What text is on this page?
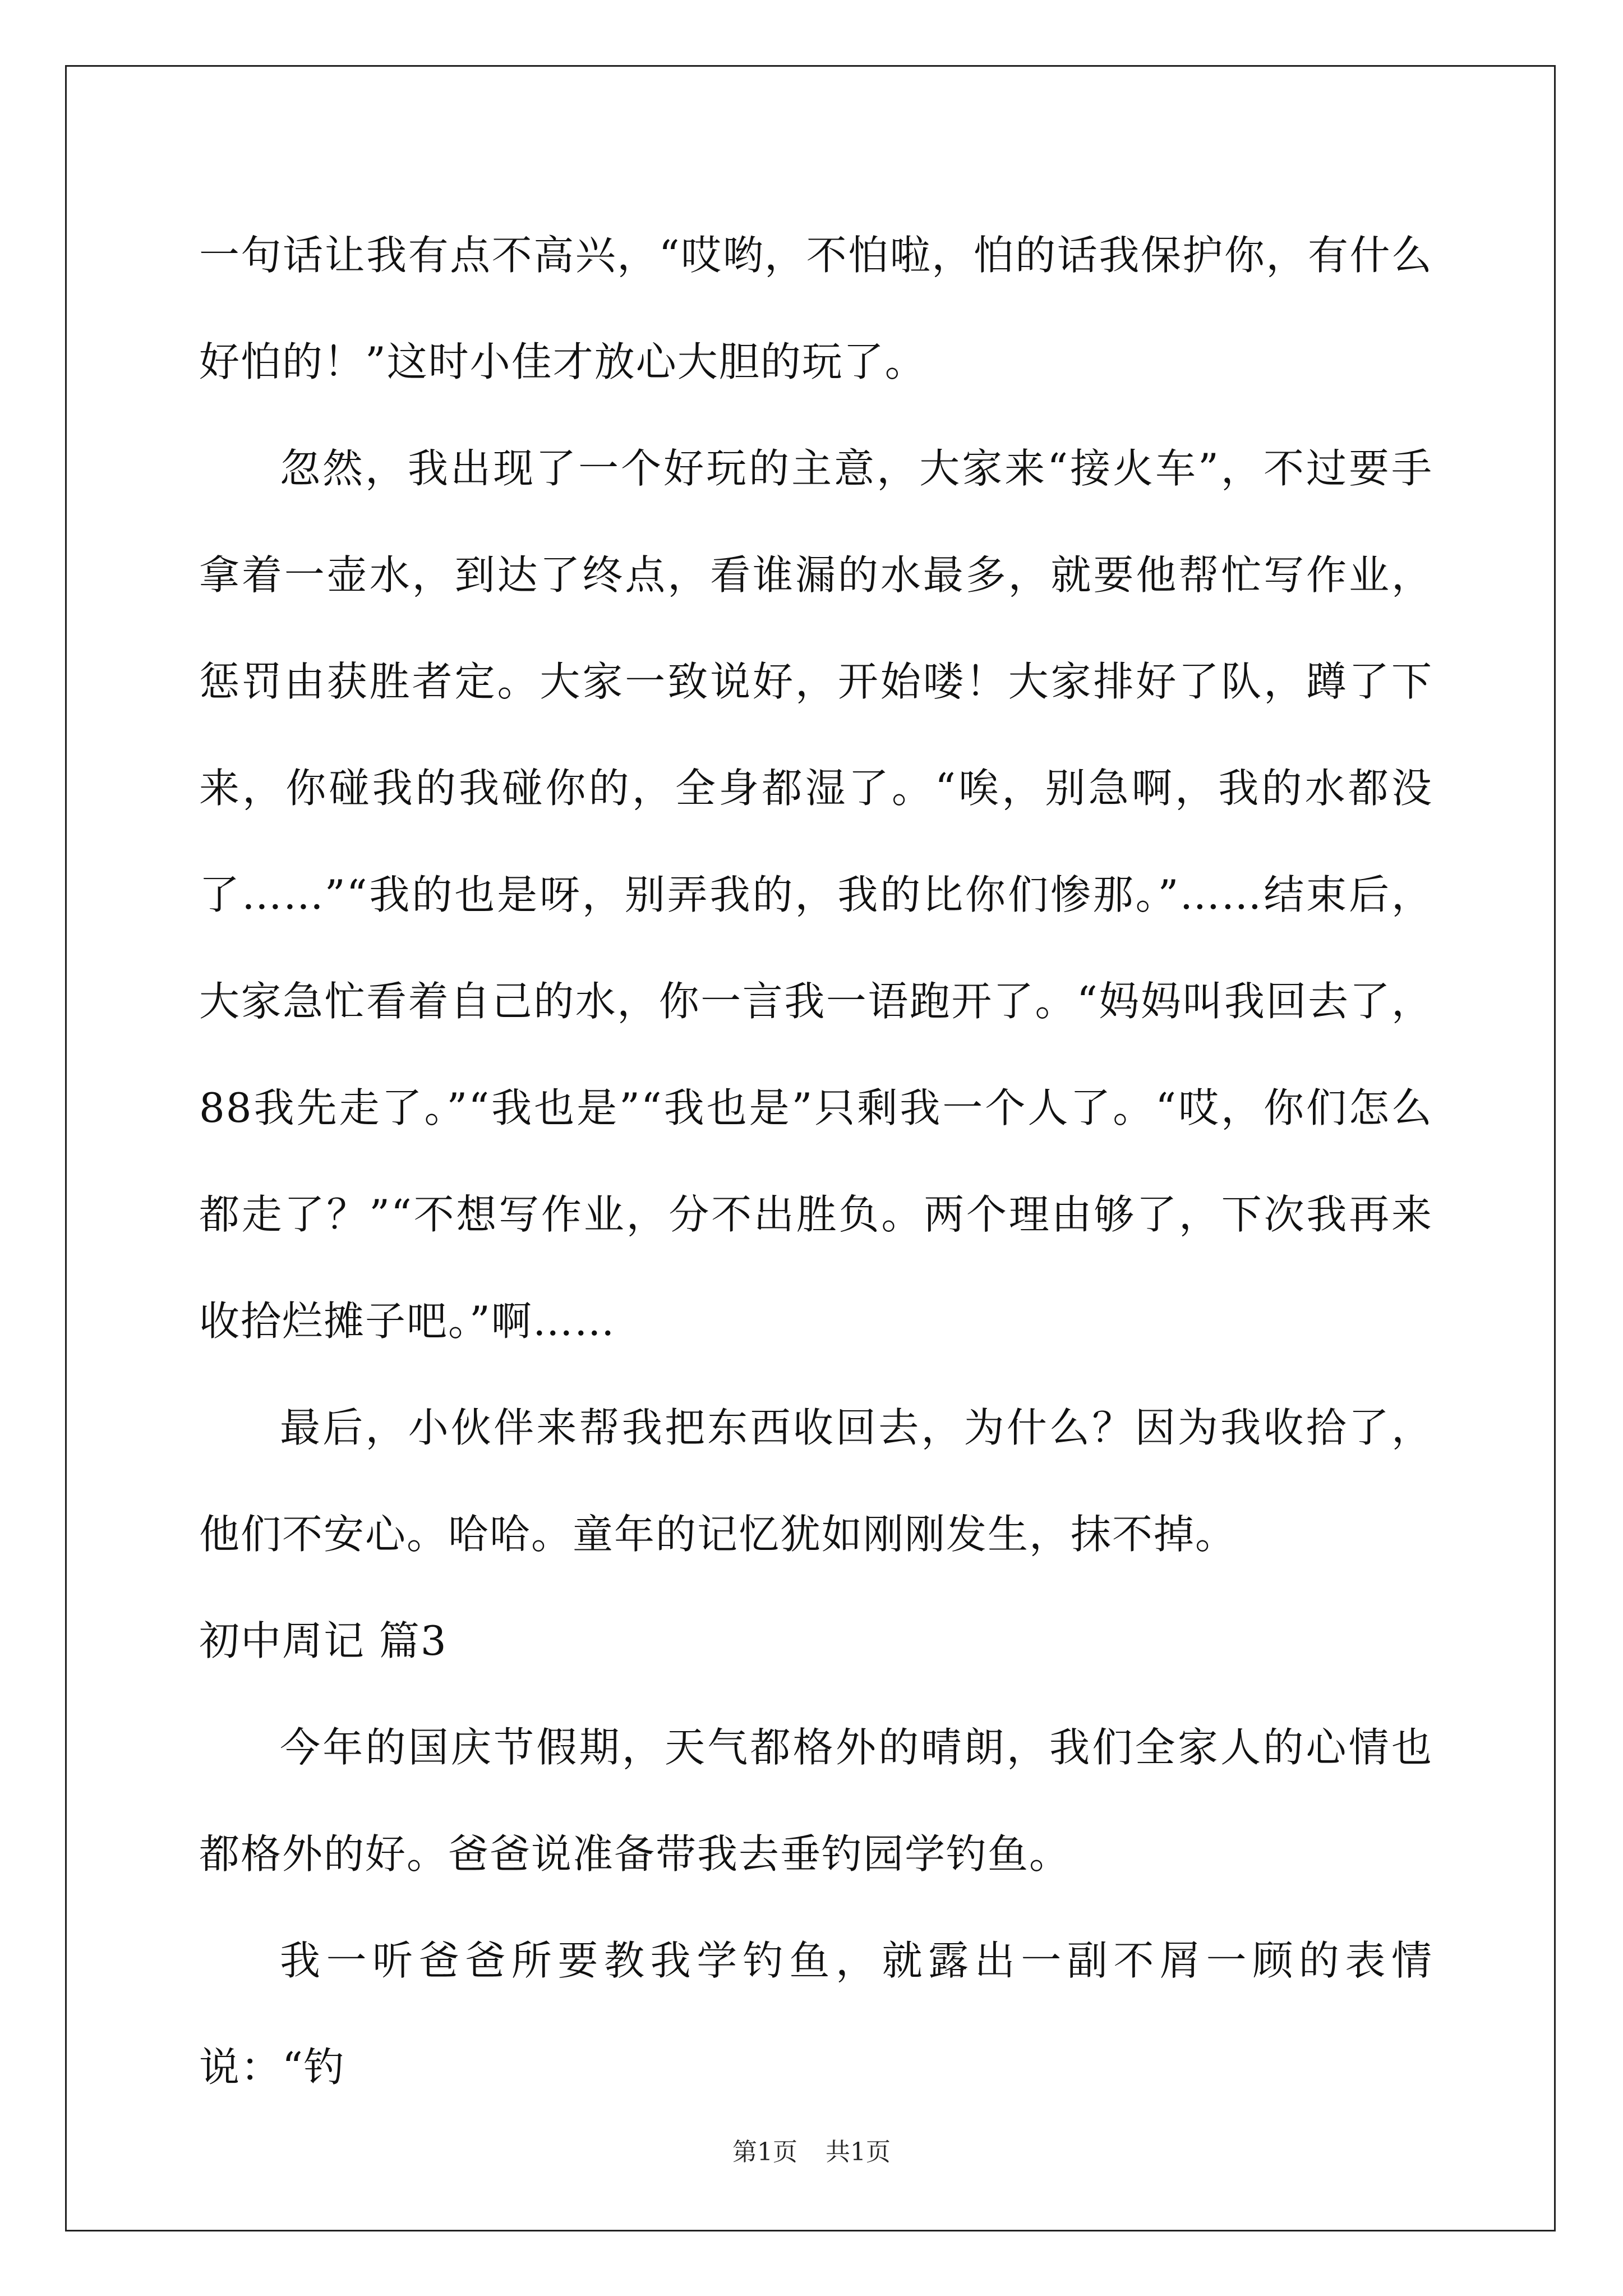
一句话让我有点不高兴，“哎哟，不怕啦，怕的话我保护你，有什么好怕的！”这时小佳才放心大胆的玩了。

忽然，我出现了一个好玩的主意，大家来“接火车”，不过要手拿着一壶水，到达了终点，看谁漏的水最多，就要他帮忙写作业，惩罚由获胜者定。大家一致说好，开始喽！大家排好了队，蹲了下来，你碰我的我碰你的，全身都湿了。“唉，别急啊，我的水都没了……”“我的也是呀，别弄我的，我的比你们惨那。”……结束后，大家急忙看着自己的水，你一言我一语跑开了。“妈妈叫我回去了，88我先走了。”“我也是”“我也是”只剩我一个人了。“哎，你们怎么都走了？”“不想写作业，分不出胜负。两个理由够了，下次我再来收拾烂摊子吧。”啊……

最后，小伙伴来帮我把东西收回去，为什么？因为我收拾了，他们不安心。哈哈。童年的记忆犹如刚刚发生，抹不掉。

初中周记 篇3

今年的国庆节假期，天气都格外的晴朗，我们全家人的心情也都格外的好。爸爸说准备带我去垂钓园学钓鱼。

我一听爸爸所要教我学钓鱼，就露出一副不屑一顾的表情说：“钓

第1页 共1页
